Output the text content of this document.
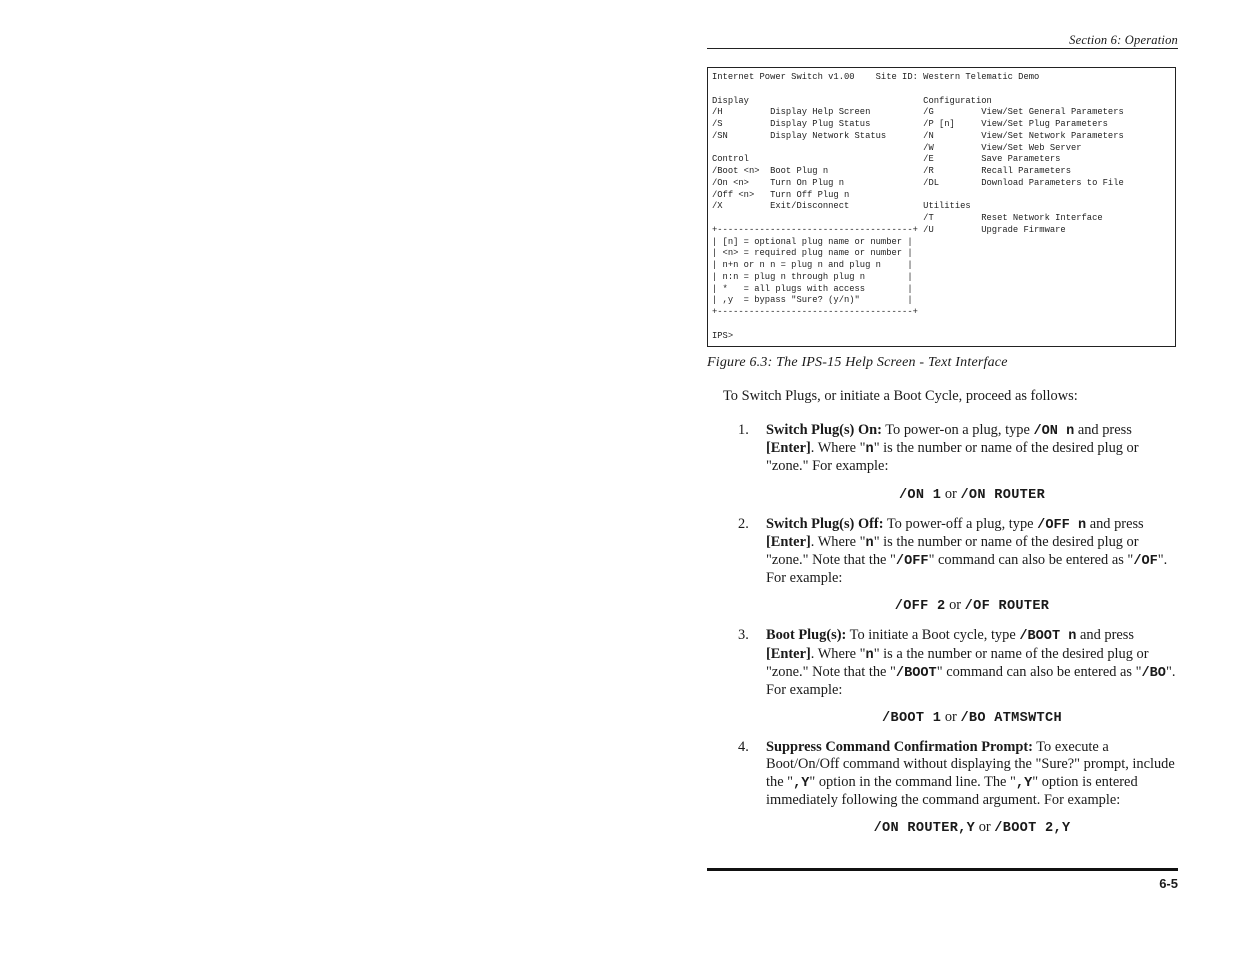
Section 6: Operation
Internet Power Switch v1.00    Site ID: Western Telematic Demo

Display                                 Configuration
/H         Display Help Screen          /G         View/Set General Parameters
/S         Display Plug Status          /P [n]     View/Set Plug Parameters
/SN        Display Network Status       /N         View/Set Network Parameters
/W         View/Set Web Server
Control                                 /E         Save Parameters
/Boot <n>  Boot Plug n                  /R         Recall Parameters
/On <n>    Turn On Plug n               /DL        Download Parameters to File
/Off <n>   Turn Off Plug n
/X         Exit/Disconnect              Utilities
/T         Reset Network Interface
+-------------------------------------+ /U         Upgrade Firmware
| [n] = optional plug name or number |
| <n> = required plug name or number |
| n+n or n n = plug n and plug n     |
| n:n = plug n through plug n        |
| *   = all plugs with access        |
| ,y  = bypass "Sure? (y/n)"         |
+-------------------------------------+

IPS>
Figure 6.3: The IPS-15 Help Screen - Text Interface
To Switch Plugs, or initiate a Boot Cycle, proceed as follows:
1. Switch Plug(s) On: To power-on a plug, type /ON n and press [Enter]. Where "n" is the number or name of the desired plug or "zone." For example:
/ON 1 or /ON ROUTER
2. Switch Plug(s) Off: To power-off a plug, type /OFF n and press [Enter]. Where "n" is the number or name of the desired plug or "zone." Note that the "/OFF" command can also be entered as "/OF". For example:
/OFF 2 or /OF ROUTER
3. Boot Plug(s): To initiate a Boot cycle, type /BOOT n and press [Enter]. Where "n" is a the number or name of the desired plug or "zone." Note that the "/BOOT" command can also be entered as "/BO". For example:
/BOOT 1 or /BO ATMSWTCH
4. Suppress Command Confirmation Prompt: To execute a Boot/On/Off command without displaying the "Sure?" prompt, include the ",Y" option in the command line. The ",Y" option is entered immediately following the command argument. For example:
/ON ROUTER,Y or /BOOT 2,Y
6-5
